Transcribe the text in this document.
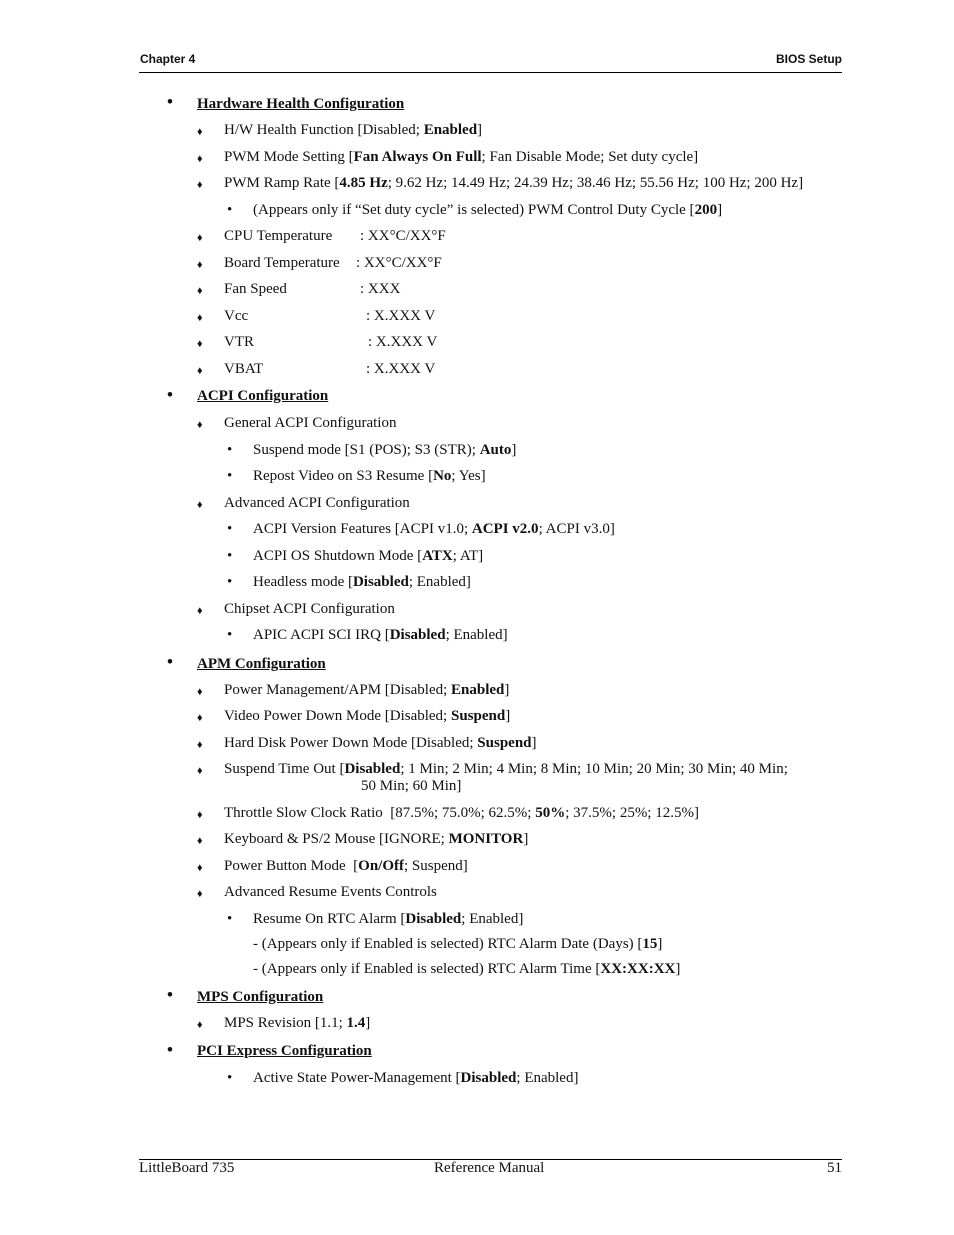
Chapter 4	BIOS Setup
• Hardware Health Configuration
♦ H/W Health Function [Disabled; Enabled]
♦ PWM Mode Setting [Fan Always On Full; Fan Disable Mode; Set duty cycle]
♦ PWM Ramp Rate [4.85 Hz; 9.62 Hz; 14.49 Hz; 24.39 Hz; 38.46 Hz; 55.56 Hz; 100 Hz; 200 Hz]
• (Appears only if “Set duty cycle” is selected) PWM Control Duty Cycle [200]
♦ CPU Temperature : XX°C/XX°F
♦ Board Temperature : XX°C/XX°F
♦ Fan Speed	: XXX
♦ Vcc	: X.XXX V
♦ VTR	: X.XXX V
♦ VBAT	: X.XXX V
• ACPI Configuration
♦ General ACPI Configuration
• Suspend mode [S1 (POS); S3 (STR); Auto]
• Repost Video on S3 Resume [No; Yes]
♦ Advanced ACPI Configuration
• ACPI Version Features [ACPI v1.0; ACPI v2.0; ACPI v3.0]
• ACPI OS Shutdown Mode [ATX; AT]
• Headless mode [Disabled; Enabled]
♦ Chipset ACPI Configuration
• APIC ACPI SCI IRQ [Disabled; Enabled]
• APM Configuration
♦ Power Management/APM [Disabled; Enabled]
♦ Video Power Down Mode [Disabled; Suspend]
♦ Hard Disk Power Down Mode [Disabled; Suspend]
♦ Suspend Time Out [Disabled; 1 Min; 2 Min; 4 Min; 8 Min; 10 Min; 20 Min; 30 Min; 40 Min;
50 Min; 60 Min]
♦ Throttle Slow Clock Ratio  [87.5%; 75.0%; 62.5%; 50%; 37.5%; 25%; 12.5%]
♦ Keyboard & PS/2 Mouse [IGNORE; MONITOR]
♦ Power Button Mode  [On/Off; Suspend]
♦ Advanced Resume Events Controls
• Resume On RTC Alarm [Disabled; Enabled]
- (Appears only if Enabled is selected) RTC Alarm Date (Days) [15]
- (Appears only if Enabled is selected) RTC Alarm Time [XX:XX:XX]
• MPS Configuration
♦ MPS Revision [1.1; 1.4]
• PCI Express Configuration
• Active State Power-Management [Disabled; Enabled]
LittleBoard 735	Reference Manual	51
